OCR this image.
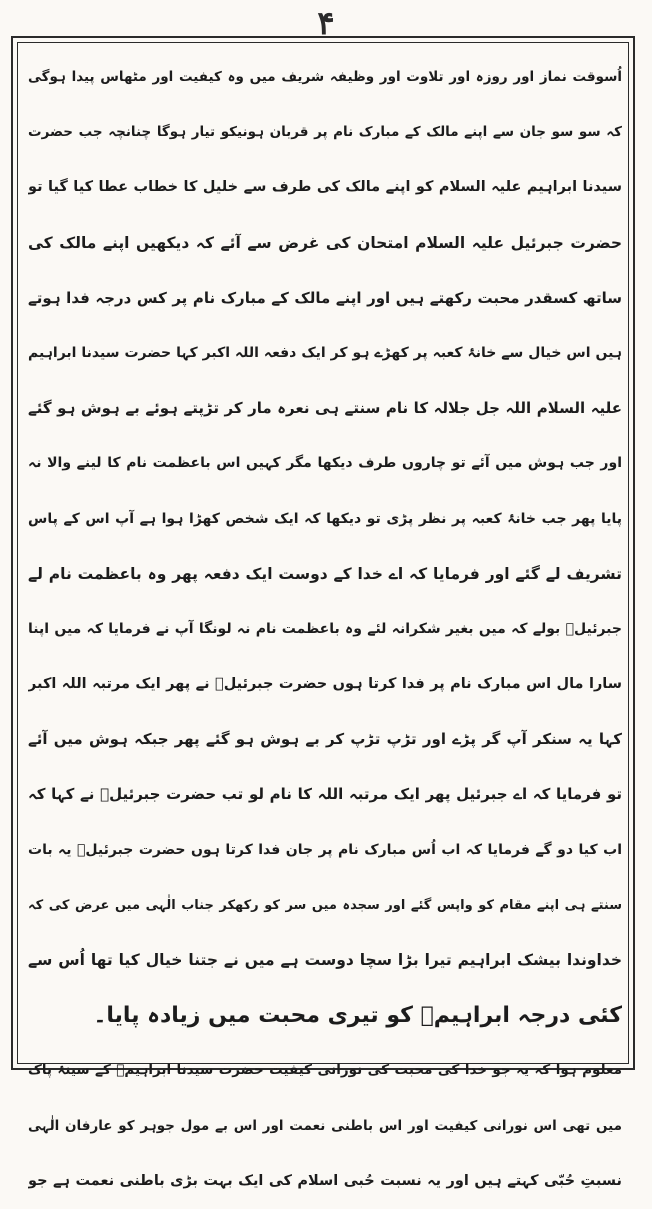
۴
اُسوقت نماز اور روزہ اور تلاوت اور وظیفہ شریف میں وہ کیفیت اور مٹھاس پیدا ہوگی
کہ سو سو جان سے اپنے مالک کے مبارک نام پر قربان ہونیکو تیار ہوگا چنانچہ جب حضرت
سیدنا ابراہیم علیہ السلام کو اپنے مالک کی طرف سے خلیل کا خطاب عطا کیا گیا تو
حضرت جبرئیل علیہ السلام امتحان کی غرض سے آئے کہ دیکھیں اپنے مالک کی
ساتھ کسقدر محبت رکھتے ہیں اور اپنے مالک کے مبارک نام پر کس درجہ فدا ہوتے
ہیں اس خیال سے خانۂ کعبہ پر کھڑے ہو کر ایک دفعہ اللہ اکبر کہا حضرت سیدنا ابراہیم
علیہ السلام اللہ جل جلالہ کا نام سنتے ہی نعرہ مار کر تڑپتے ہوئے بے ہوش ہو گئے
اور جب ہوش میں آئے تو چاروں طرف دیکھا مگر کہیں اس باعظمت نام کا لینے والا نہ
پایا پھر جب خانۂ کعبہ پر نظر پڑی تو دیکھا کہ ایک شخص کھڑا ہوا ہے آپ اس کے پاس
تشریف لے گئے اور فرمایا کہ اے خدا کے دوست ایک دفعہ پھر وہ باعظمت نام لے
جبرئیلؑ بولے کہ میں بغیر شکرانہ لئے وہ باعظمت نام نہ لونگا آپ نے فرمایا کہ میں اپنا
سارا مال اس مبارک نام پر فدا کرتا ہوں حضرت جبرئیلؑ نے پھر ایک مرتبہ اللہ اکبر
کہا یہ سنکر آپ گر پڑے اور تڑپ تڑپ کر بے ہوش ہو گئے پھر جبکہ ہوش میں آئے
تو فرمایا کہ اے جبرئیل پھر ایک مرتبہ اللہ کا نام لو تب حضرت جبرئیلؑ نے کہا کہ
اب کیا دو گے فرمایا کہ اب اُس مبارک نام پر جان فدا کرتا ہوں حضرت جبرئیلؑ یہ بات
سنتے ہی اپنے مقام کو واپس گئے اور سجدہ میں سر کو رکھکر جناب الٰہی میں عرض کی کہ
خداوندا بیشک ابراہیم تیرا بڑا سچا دوست ہے میں نے جتنا خیال کیا تھا اُس سے
کئی درجہ ابراہیمؑ کو تیری محبت میں زیادہ پایا۔
معلوم ہوا کہ یہ جو خدا کی محبت کی نورانی کیفیت حضرت سیدنا ابراہیمؑ کے سینۂ پاک
میں تھی اس نورانی کیفیت اور اس باطنی نعمت اور اس بے مول جوہر کو عارفان الٰہی
نسبتِ حُبّی کہتے ہیں اور یہ نسبت حُبی اسلام کی ایک بہت بڑی باطنی نعمت ہے جو
